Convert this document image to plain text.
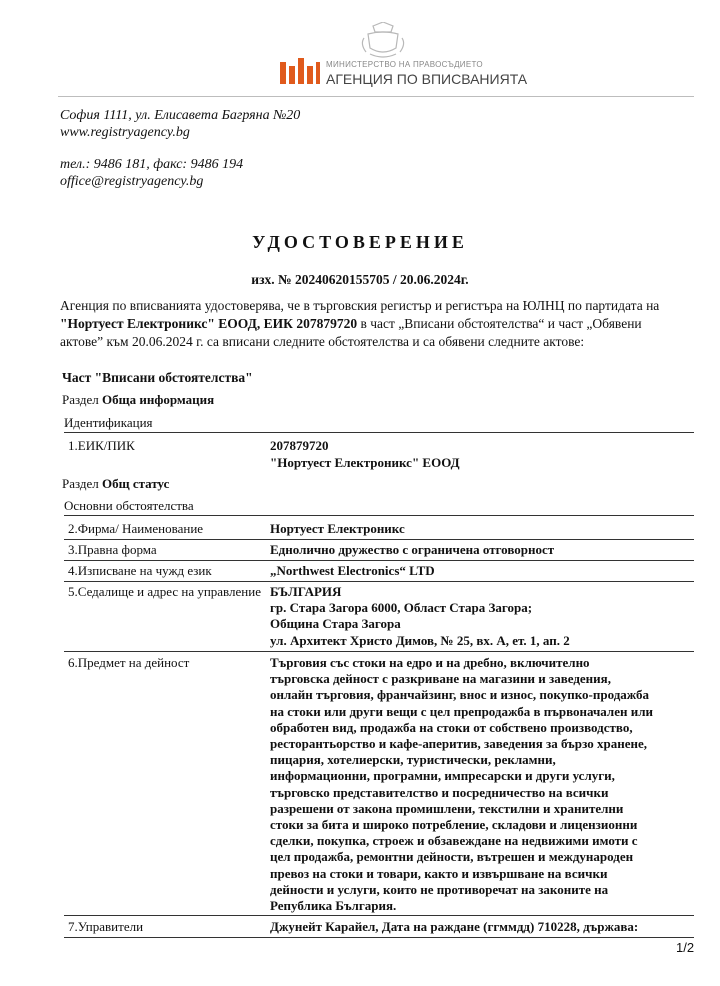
МИНИСТЕРСТВО НА ПРАВОСЪДИЕТО
АГЕНЦИЯ ПО ВПИСВАНИЯТА
София 1111, ул. Елисавета Багряна №20
www.registryagency.bg
тел.: 9486 181, факс: 9486 194
office@registryagency.bg
УДОСТОВЕРЕНИЕ
изх. № 20240620155705 / 20.06.2024г.
Агенция по вписванията удостоверява, че в търговския регистър и регистъра на ЮЛНЦ по партидата на
"Нортуест Електроникс" ЕООД, ЕИК 207879720 в част „Вписани обстоятелства“ и част „Обявени
актове” към 20.06.2024 г. са вписани следните обстоятелства и са обявени следните актове:
Част "Вписани обстоятелства"
Раздел Обща информация
Идентификация
1.ЕИК/ПИК	207879720
"Нортуест Електроникс" ЕООД
Раздел Общ статус
Основни обстоятелства
2.Фирма/ Наименование	Нортуест Електроникс
3.Правна форма	Еднолично дружество с ограничена отговорност
4.Изписване на чужд език	„Northwest Electronics“ LTD
5.Седалище и адрес на управление БЪЛГАРИЯ
гр. Стара Загора 6000, Област Стара Загора;
Община Стара Загора
ул. Архитект Христо Димов, № 25, вх. А, ет. 1, ап. 2
6.Предмет на дейност	Търговия със стоки на едро и на дребно, включително
търговска дейност с разкриване на магазини и заведения,
онлайн търговия, франчайзинг, внос и износ, покупко-продажба
на стоки или други вещи с цел препродажба в първоначален или
обработен вид, продажба на стоки от собствено производство,
ресторантьорство и кафе-аперитив, заведения за бързо хранене,
пицария, хотелиерски, туристически, рекламни,
информационни, програмни, импресарски и други услуги,
търговско представителство и посредничество на всички
разрешени от закона промишлени, текстилни и хранителни
стоки за бита и широко потребление, складови и лицензионни
сделки, покупка, строеж и обзавеждане на недвижими имоти с
цел продажба, ремонтни дейности, вътрешен и международен
превоз на стоки и товари, както и извършване на всички
дейности и услуги, които не противоречат на законите на
Република България.
7.Управители	Джунейт Карайел, Дата на раждане (ггммдд) 710228, държава:
1/2
